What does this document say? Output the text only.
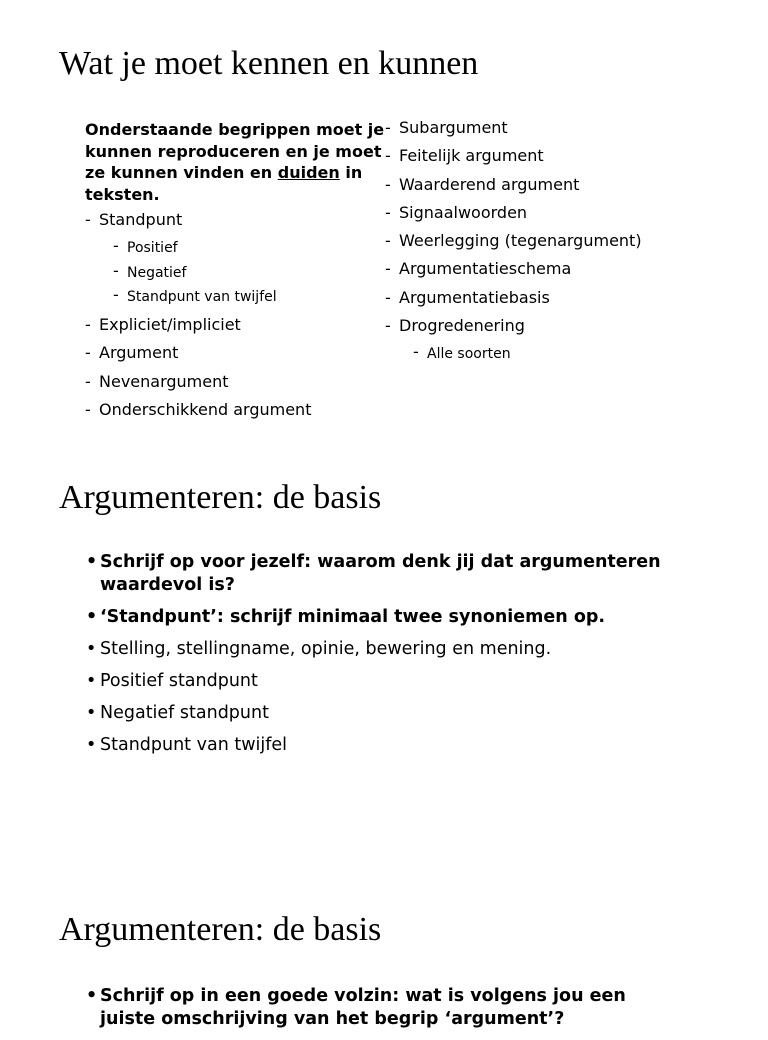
Wat je moet kennen en kunnen
Onderstaande begrippen moet je kunnen reproduceren en je moet ze kunnen vinden en duiden in teksten.
- Standpunt
- Positief
- Negatief
- Standpunt van twijfel
- Expliciet/impliciet
- Argument
- Nevenargument
- Onderschikkend argument
- Subargument
- Feitelijk argument
- Waarderend argument
- Signaalwoorden
- Weerlegging (tegenargument)
- Argumentatieschema
- Argumentatiebasis
- Drogredenering
- Alle soorten
Argumenteren: de basis
• Schrijf op voor jezelf: waarom denk jij dat argumenteren waardevol is?
• ‘Standpunt’: schrijf minimaal twee synoniemen op.
• Stelling, stellingname, opinie, bewering en mening.
• Positief standpunt
• Negatief standpunt
• Standpunt van twijfel
Argumenteren: de basis
• Schrijf op in een goede volzin: wat is volgens jou een juiste omschrijving van het begrip ‘argument’?
